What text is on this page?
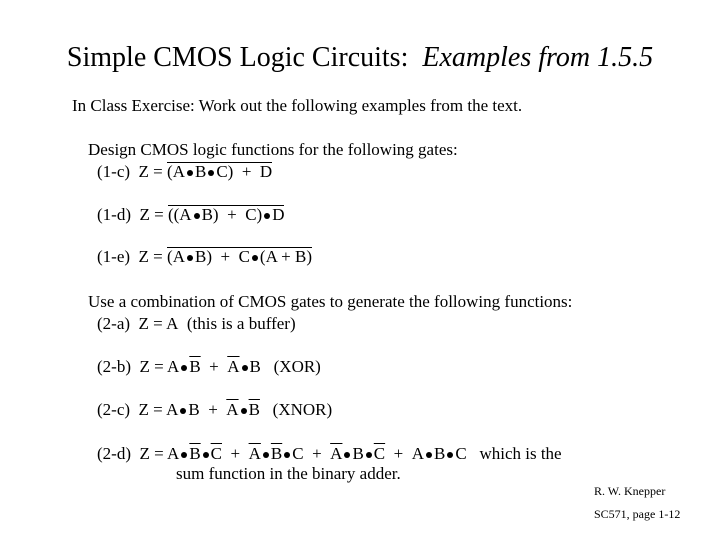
Simple CMOS Logic Circuits: Examples from 1.5.5
In Class Exercise: Work out the following examples from the text.
Design CMOS logic functions for the following gates:
(1-c) Z = (A B C)  + D
(1-d) Z = ((A B)  + C) D
(1-e) Z = (A B)  + C (A + B)
Use a combination of CMOS gates to generate the following functions:
(2-a) Z = A (this is a buffer)
(2-b) Z = A $\overline{B} + \overline{A}$ B (XOR)
(2-c) Z = A $B + \overline{A}$ $\overline{B}$ (XNOR)
(2-d) Z = A $\overline{B}$ $\overline{C} + \overline{A}$ $\overline{B}$ $C + \overline{A}$ B $\overline{C} + A$ B C which is the
sum function in the binary adder.
R. W. Knepper
SC571, page 1-12
